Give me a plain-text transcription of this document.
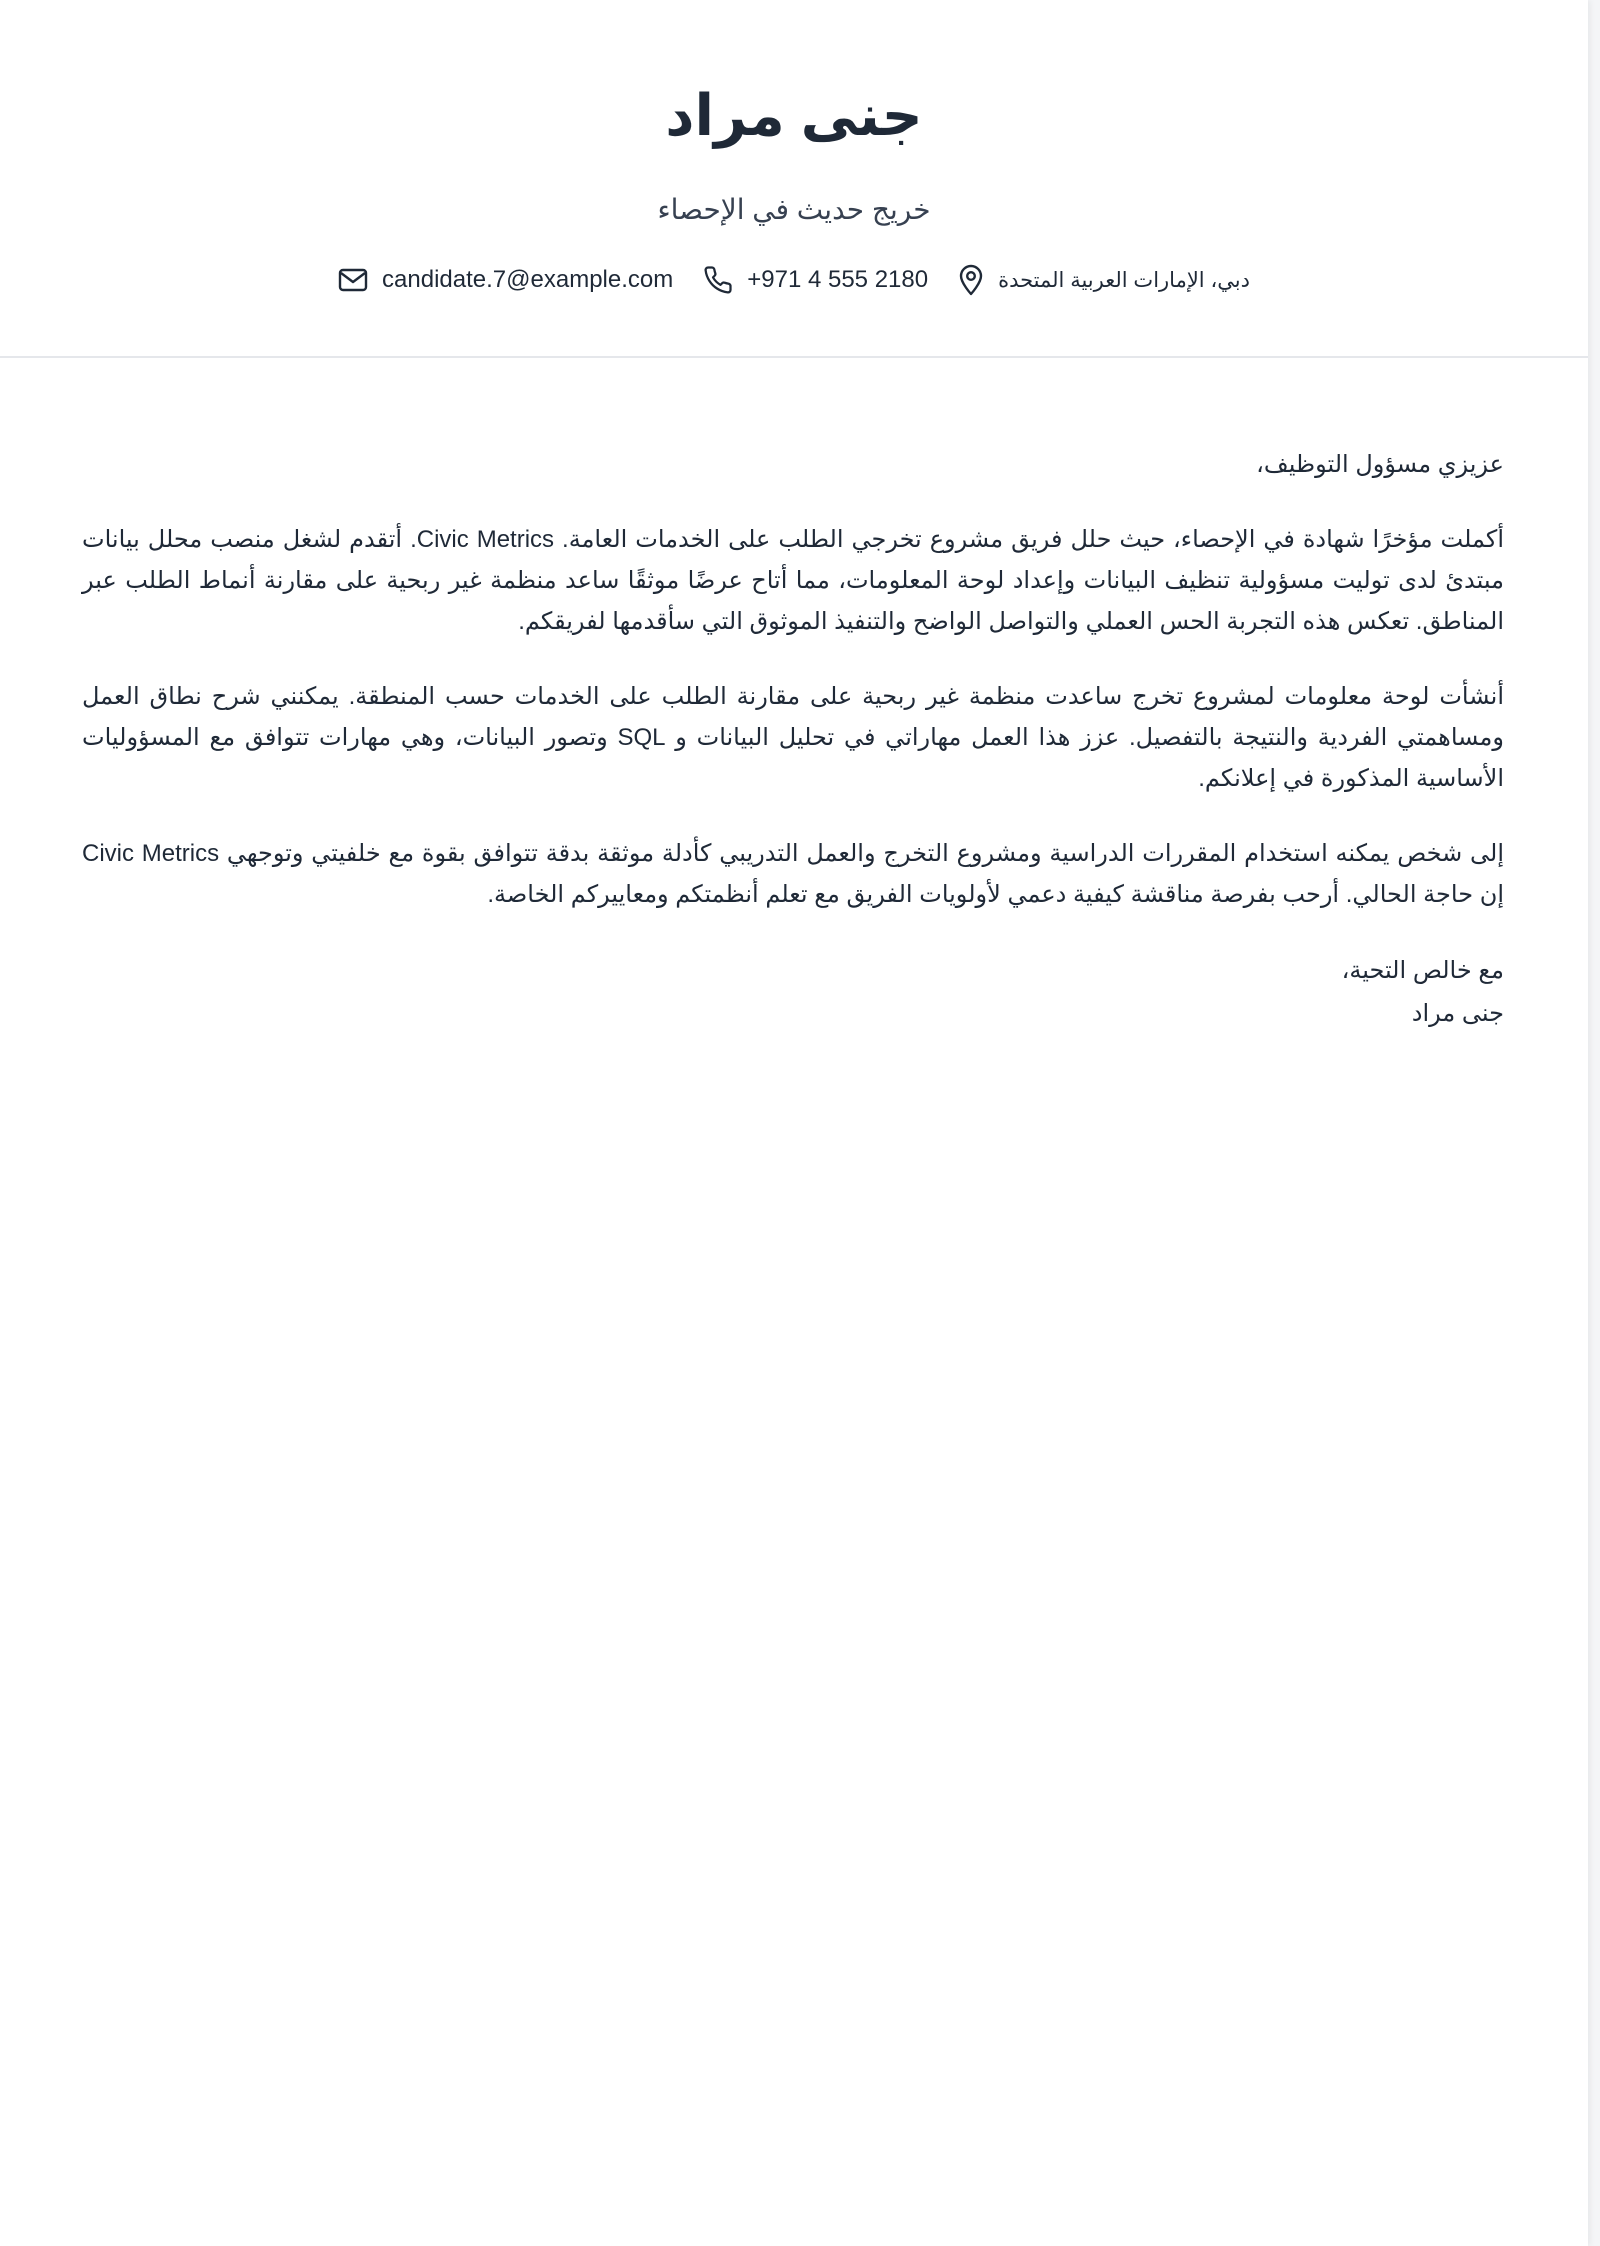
جنى مراد
خريج حديث في الإحصاء
candidate.7@example.com	+971 4 555 2180	دبي، الإمارات العربية المتحدة

عزيزي مسؤول التوظيف،

أكملت مؤخرًا شهادة في الإحصاء، حيث حلل فريق مشروع تخرجي الطلب على الخدمات العامة. Civic Metrics. أتقدم لشغل منصب محلل بيانات مبتدئ لدى توليت مسؤولية تنظيف البيانات وإعداد لوحة المعلومات، مما أتاح عرضًا موثقًا ساعد منظمة غير ربحية على مقارنة أنماط الطلب عبر المناطق. تعكس هذه التجربة الحس العملي والتواصل الواضح والتنفيذ الموثوق التي سأقدمها لفريقكم.

أنشأت لوحة معلومات لمشروع تخرج ساعدت منظمة غير ربحية على مقارنة الطلب على الخدمات حسب المنطقة. يمكنني شرح نطاق العمل ومساهمتي الفردية والنتيجة بالتفصيل. عزز هذا العمل مهاراتي في تحليل البيانات و SQL وتصور البيانات، وهي مهارات تتوافق مع المسؤوليات الأساسية المذكورة في إعلانكم.

إلى شخص يمكنه استخدام المقررات الدراسية ومشروع التخرج والعمل التدريبي كأدلة موثقة بدقة تتوافق بقوة مع خلفيتي وتوجهي Civic Metrics إن حاجة الحالي. أرحب بفرصة مناقشة كيفية دعمي لأولويات الفريق مع تعلم أنظمتكم ومعاييركم الخاصة.

مع خالص التحية،
جنى مراد
